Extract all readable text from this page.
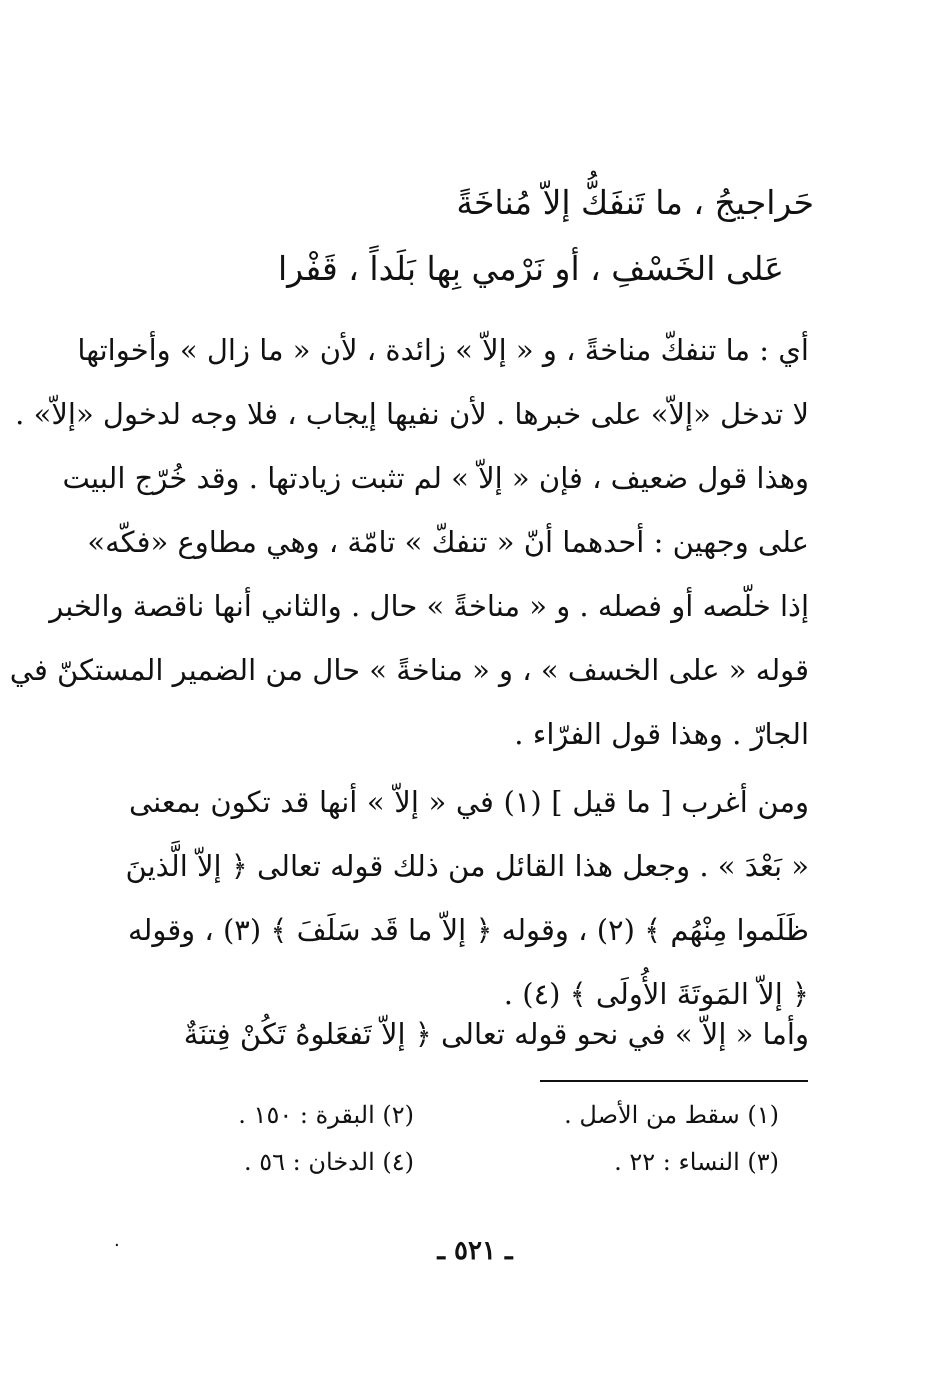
حَراجيجُ ، ما تَنفَكُّ إلاّ مُناخَةً
عَلى الخَسْفِ ، أو نَرْمي بِها بَلَداً ، قَفْرا
أي : ما تنفكّ مناخةً ، و « إلاّ » زائدة ، لأن « ما زال » وأخواتها
لا تدخل «إلاّ» على خبرها . لأن نفيها إيجاب ، فلا وجه لدخول «إلاّ» .
وهذا قول ضعيف ، فإن « إلاّ » لم تثبت زيادتها . وقد خُرّج البيت
على وجهين : أحدهما أنّ « تنفكّ » تامّة ، وهي مطاوع «فكّه»
إذا خلّصه أو فصله . و « مناخةً » حال . والثاني أنها ناقصة والخبر
قوله « على الخسف » ، و « مناخةً » حال من الضمير المستكنّ في
الجارّ . وهذا قول الفرّاء .
ومن أغرب [ ما قيل ] (١) في « إلاّ » أنها قد تكون بمعنى
« بَعْدَ » . وجعل هذا القائل من ذلك قوله تعالى ﴿ إلاّ الَّذينَ
ظَلَموا مِنْهُم ﴾ (٢) ، وقوله ﴿ إلاّ ما قَد سَلَفَ ﴾ (٣) ، وقوله
﴿ إلاّ المَوتَةَ الأُولَى ﴾ (٤) .
وأما « إلاّ » في نحو قوله تعالى ﴿ إلاّ تَفعَلوهُ تَكُنْ فِتنَةٌ
(١) سقط من الأصل .
(٢) البقرة : ١٥٠ .
(٣) النساء : ٢٢ .
(٤) الدخان : ٥٦ .
ـ ٥٢١ ـ
٠
